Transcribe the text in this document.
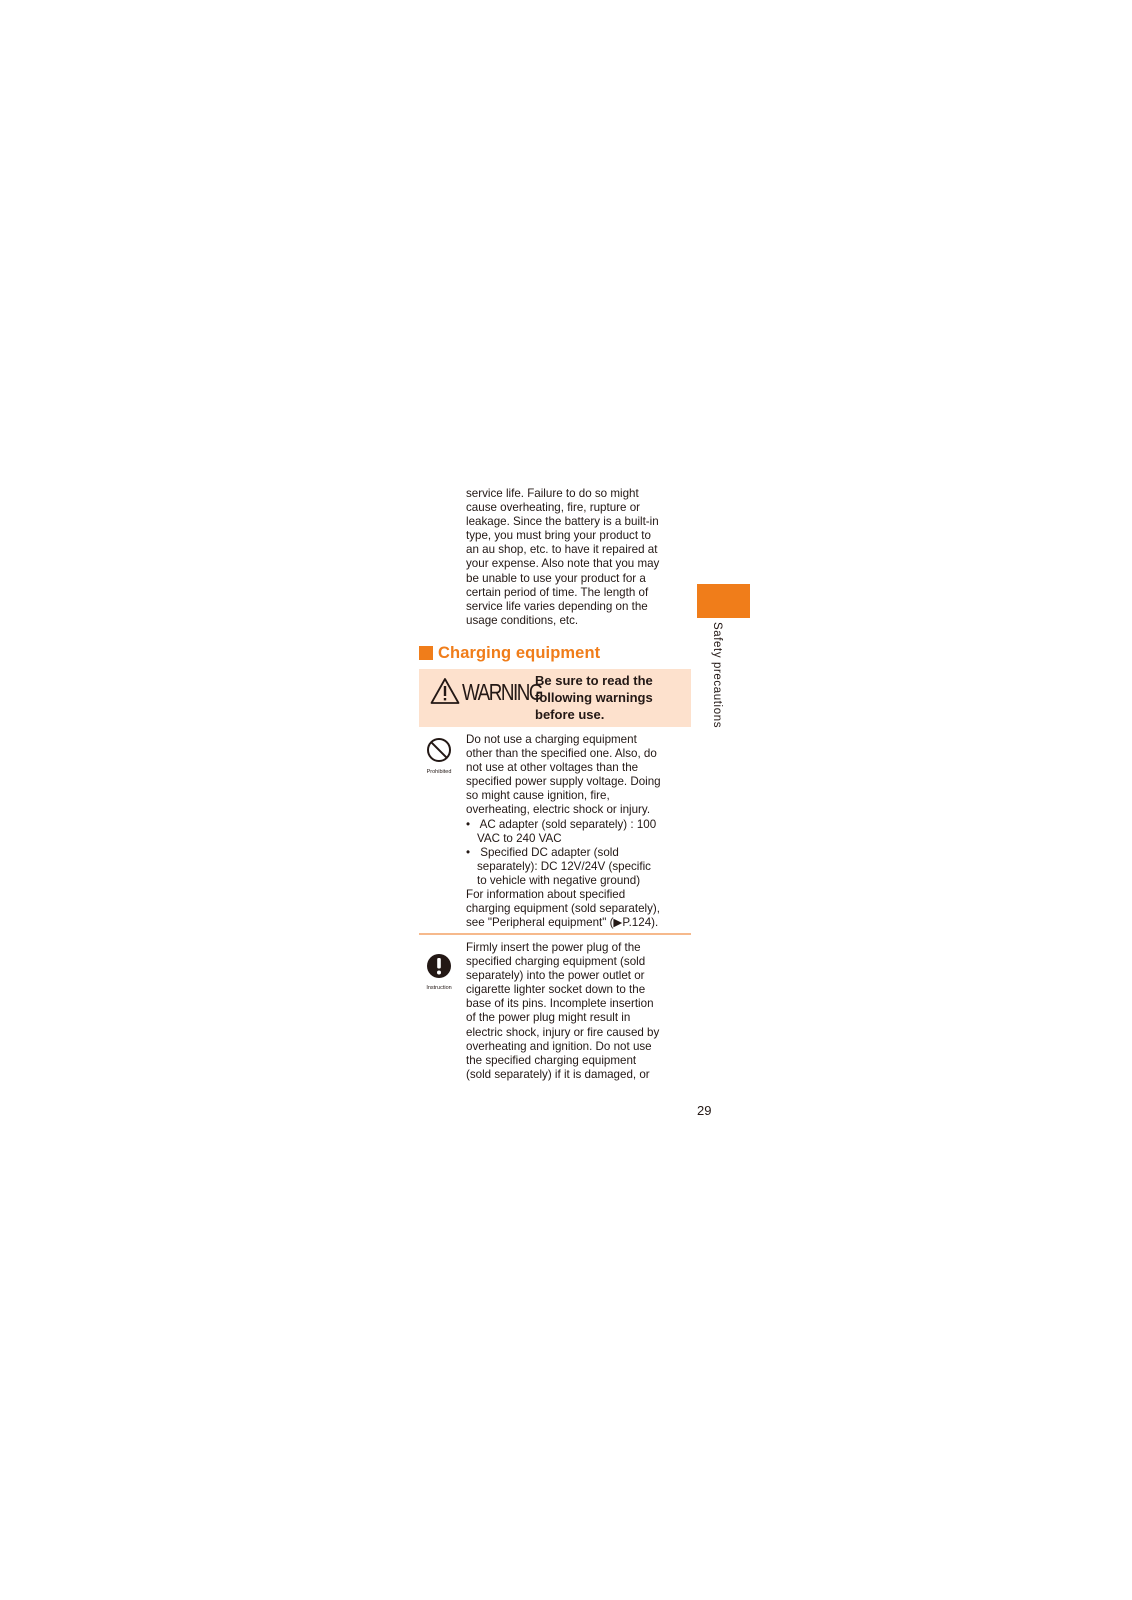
service life. Failure to do so might

cause overheating, fire, rupture or

leakage. Since the battery is a built-in

type, you must bring your product to

an au shop, etc. to have it repaired at

your expense. Also note that you may

be unable to use your product for a

certain period of time. The length of

service life varies depending on the

usage conditions, etc.

Charging equipment
WARNING
Be sure to read the
following warnings
before use.
Prohibited

Do not use a charging equipment

other than the specified one. Also, do

not use at other voltages than the

specified power supply voltage. Doing

so might cause ignition, fire,

overheating, electric shock or injury.

• AC adapter (sold separately) : 100
VAC to 240 VAC
• Specified DC adapter (sold
separately): DC 12V/24V (specific
to vehicle with negative ground)

For information about specified

charging equipment (sold separately),

see "Peripheral equipment" (▶P.124).

Instruction

Firmly insert the power plug of the

specified charging equipment (sold

separately) into the power outlet or

cigarette lighter socket down to the

base of its pins. Incomplete insertion

of the power plug might result in

electric shock, injury or fire caused by

overheating and ignition. Do not use

the specified charging equipment

(sold separately) if it is damaged, or

Safety precautions
29
